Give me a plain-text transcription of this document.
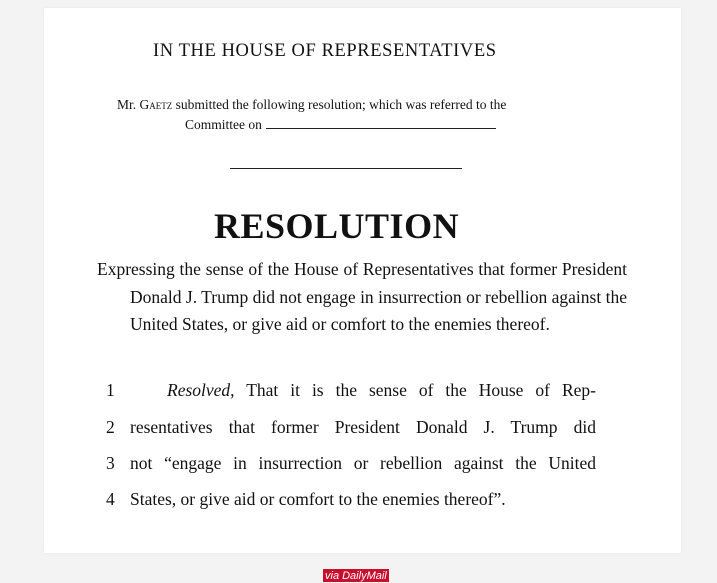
IN THE HOUSE OF REPRESENTATIVES
Mr. Gaetz submitted the following resolution; which was referred to the
Committee on
RESOLUTION
Expressing the sense of the House of Representatives that former President Donald J. Trump did not engage in insurrection or rebellion against the United States, or give aid or comfort to the enemies thereof.
1	Resolved, That it is the sense of the House of Rep-
2 resentatives that former President Donald J. Trump did
3 not “engage in insurrection or rebellion against the United
4 States, or give aid or comfort to the enemies thereof”.
via DailyMail
